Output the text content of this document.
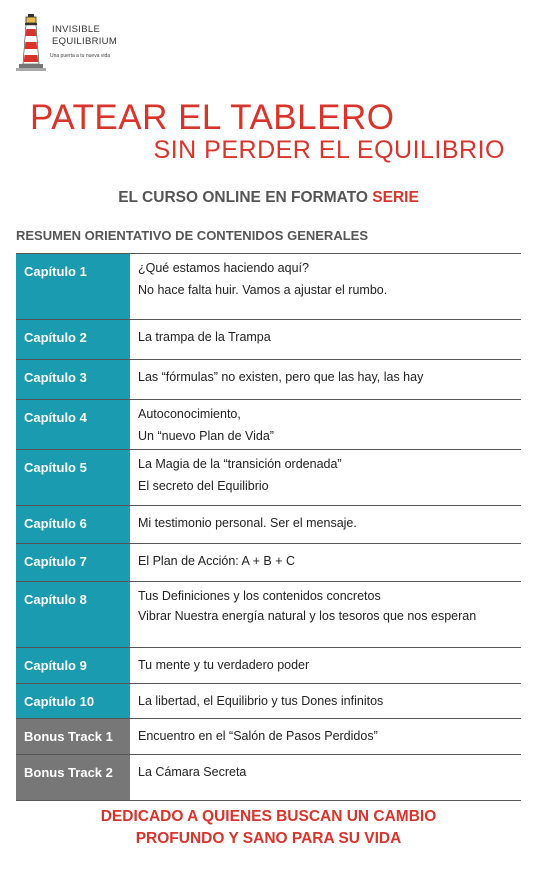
INVISIBLE
EQUILIBRIUM
Una puerta a tu nueva vida
PATEAR EL TABLERO
SIN PERDER EL EQUILIBRIO
EL CURSO ONLINE EN FORMATO SERIE
RESUMEN ORIENTATIVO DE CONTENIDOS GENERALES
Capítulo 1	¿Qué estamos haciendo aquí?
No hace falta huir. Vamos a ajustar el rumbo.
Capítulo 2	La trampa de la Trampa
Capítulo 3	Las “fórmulas” no existen, pero que las hay, las hay
Capítulo 4	Autoconocimiento,
Un “nuevo Plan de Vida”
Capítulo 5	La Magia de la “transición ordenada”
El secreto del Equilibrio
Capítulo 6	Mi testimonio personal. Ser el mensaje.
Capítulo 7	El Plan de Acción: A + B + C
Capítulo 8	Tus Definiciones y los contenidos concretos
Vibrar Nuestra energía natural y los tesoros que nos esperan
Capítulo 9	Tu mente y tu verdadero poder
Capítulo 10	La libertad, el Equilibrio y tus Dones infinitos
Bonus Track 1	Encuentro en el “Salón de Pasos Perdidos”
Bonus Track 2	La Cámara Secreta
DEDICADO A QUIENES BUSCAN UN CAMBIO
PROFUNDO Y SANO PARA SU VIDA
